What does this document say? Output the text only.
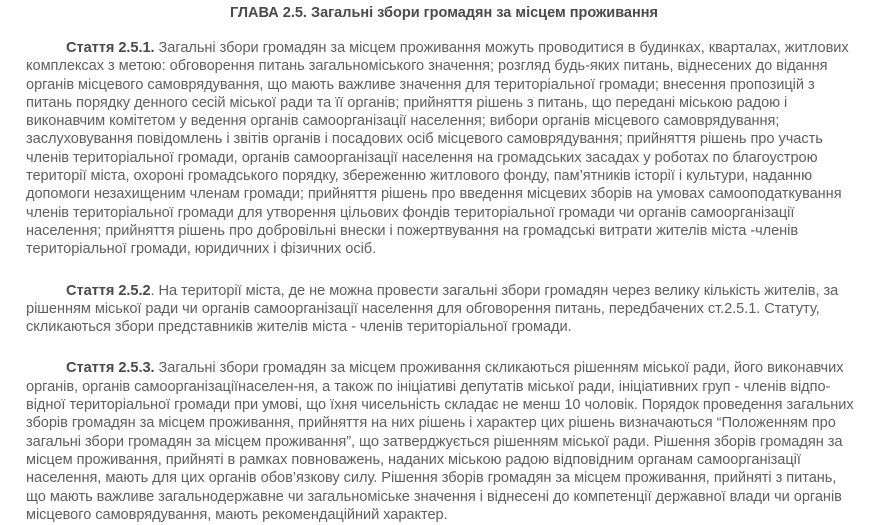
ГЛАВА 2.5. Загальні збори громадян за місцем проживання

Стаття 2.5.1. Загальні збори громадян за місцем проживання можуть проводитися в будинках, кварталах, житлових комплексах з метою: обговорення питань загальноміського значення; розгляд будь-яких питань, віднесених до відання органів місцевого самоврядування, що мають важливе значення для територіальної громади; внесення пропозицій з питань порядку денного сесій міської ради та її органів; прийняття рішень з питань, що передані міською радою і виконавчим комітетом у ведення органів самоорганізації населення; вибори органів місцевого самоврядування; заслуховування повідомлень і звітів органів і посадових осіб місцевого самоврядування; прийняття рішень про участь членів територіальної громади, органів самоорганізації населення на громадських засадах у роботах по благоустрою території міста, охороні громадського порядку, збереженню житлового фонду, пам’ятників історії і культури, наданню допомоги незахищеним членам громади; прийняття рішень про введення місцевих зборів на умовах самооподаткування членів територіальної громади для утворення цільових фондів територіальної громади чи органів самоорганізації населення; прийняття рішень про добровільні внески і пожертвування на громадські витрати жителів міста -членів територіальної громади, юридичних і фізичних осіб.

Стаття 2.5.2. На території міста, де не можна провести загальні збори громадян через велику кількість жителів, за рішенням міської ради чи органів самоорганізації населення для обговорення питань, передбачених ст.2.5.1. Статуту, скликаються збори представників жителів міста - членів територіальної громади.

Стаття 2.5.3. Загальні збори громадян за місцем проживання скликаються рішенням міської ради, його виконавчих органів, органів самоорганізаціїнаселен-ня, а також по ініціативі депутатів міської ради, ініціативних груп - членів відпо-відної територіальної громади при умові, що їхня чисельність складає не менш 10 чоловік. Порядок проведення загальних зборів громадян за місцем проживання, прийняття на них рішень і характер цих рішень визначаються “Положенням про загальні збори громадян за місцем проживання”, що затверджується рішенням міської ради. Рішення зборів громадян за місцем проживання, прийняті в рамках повноважень, наданих міською радою відповідним органам самоорганізації населення, мають для цих органів обов’язкову силу. Рішення зборів громадян за місцем проживання, прийняті з питань, що мають важливе загальнодержавне чи загальноміське значення і віднесені до компетенції державної влади чи органів місцевого самоврядування, мають рекомендаційний характер.
